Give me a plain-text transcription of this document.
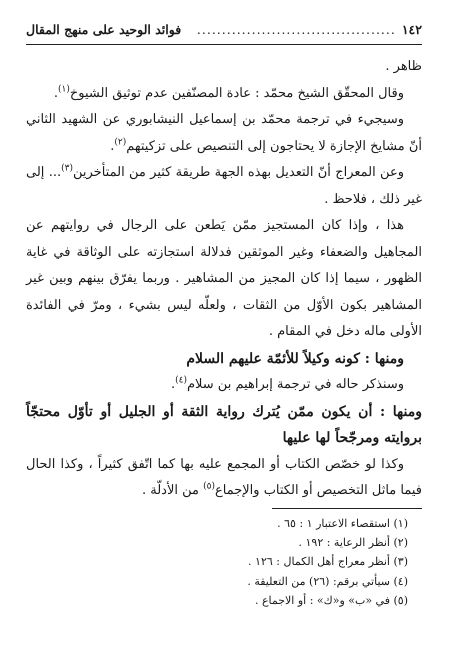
١٤٢
........................................
فوائد الوحيد على منهج المقال

ظاهر .

وقال المحقّق الشيخ محمّد : عادة المصنّفين عدم توثيق الشيوخ$^{(١)}$.

وسيجيء في ترجمة محمّد بن إسماعيل النيشابوري عن الشهيد الثاني أنّ مشايخ الإجازة لا يحتاجون إلى التنصيص على تزكيتهم$^{(٢)}$.

وعن المعراج أنّ التعديل بهذه الجهة طريقة كثير من المتأخرين$^{(٣)}$... إلى غير ذلك ، فلاحظ .

هذا ، وإذا كان المستجيز ممّن يَطعن على الرجال في روايتهم عن المجاهيل والضعفاء وغير الموثقين فدلالة استجازته على الوثاقة في غاية الظهور ، سيما إذا كان المجيز من المشاهير . وربما يفرّق بينهم وبين غير المشاهير بكون الأوّل من الثقات ، ولعلّه ليس بشيء ، ومرّ في الفائدة الأولى ماله دخل في المقام .

ومنها : كونه وكيلاً للأئمّة عليهم السلام

وسنذكر حاله في ترجمة إبراهيم بن سلام$^{(٤)}$.

ومنها : أن يكون ممّن يُترك رواية الثقة أو الجليل أو تأوّل محتجّاً بروايته ومرجّحاً لها عليها

وكذا لو خصّص الكتاب أو المجمع عليه بها كما اتّفق كثيراً ، وكذا الحال فيما ماثل التخصيص أو الكتاب والإجماع$^{(٥)}$ من الأدلّة .

(١) استقصاء الاعتبار ١ : ٦٥ .
(٢) أنظر الرعاية : ١٩٢ .
(٣) أنظر معراج أهل الكمال : ١٢٦ .
(٤) سيأتي برقم: (٢٦) من التعليقة .
(٥) في «ب» و«ك» : أو الاجماع .
